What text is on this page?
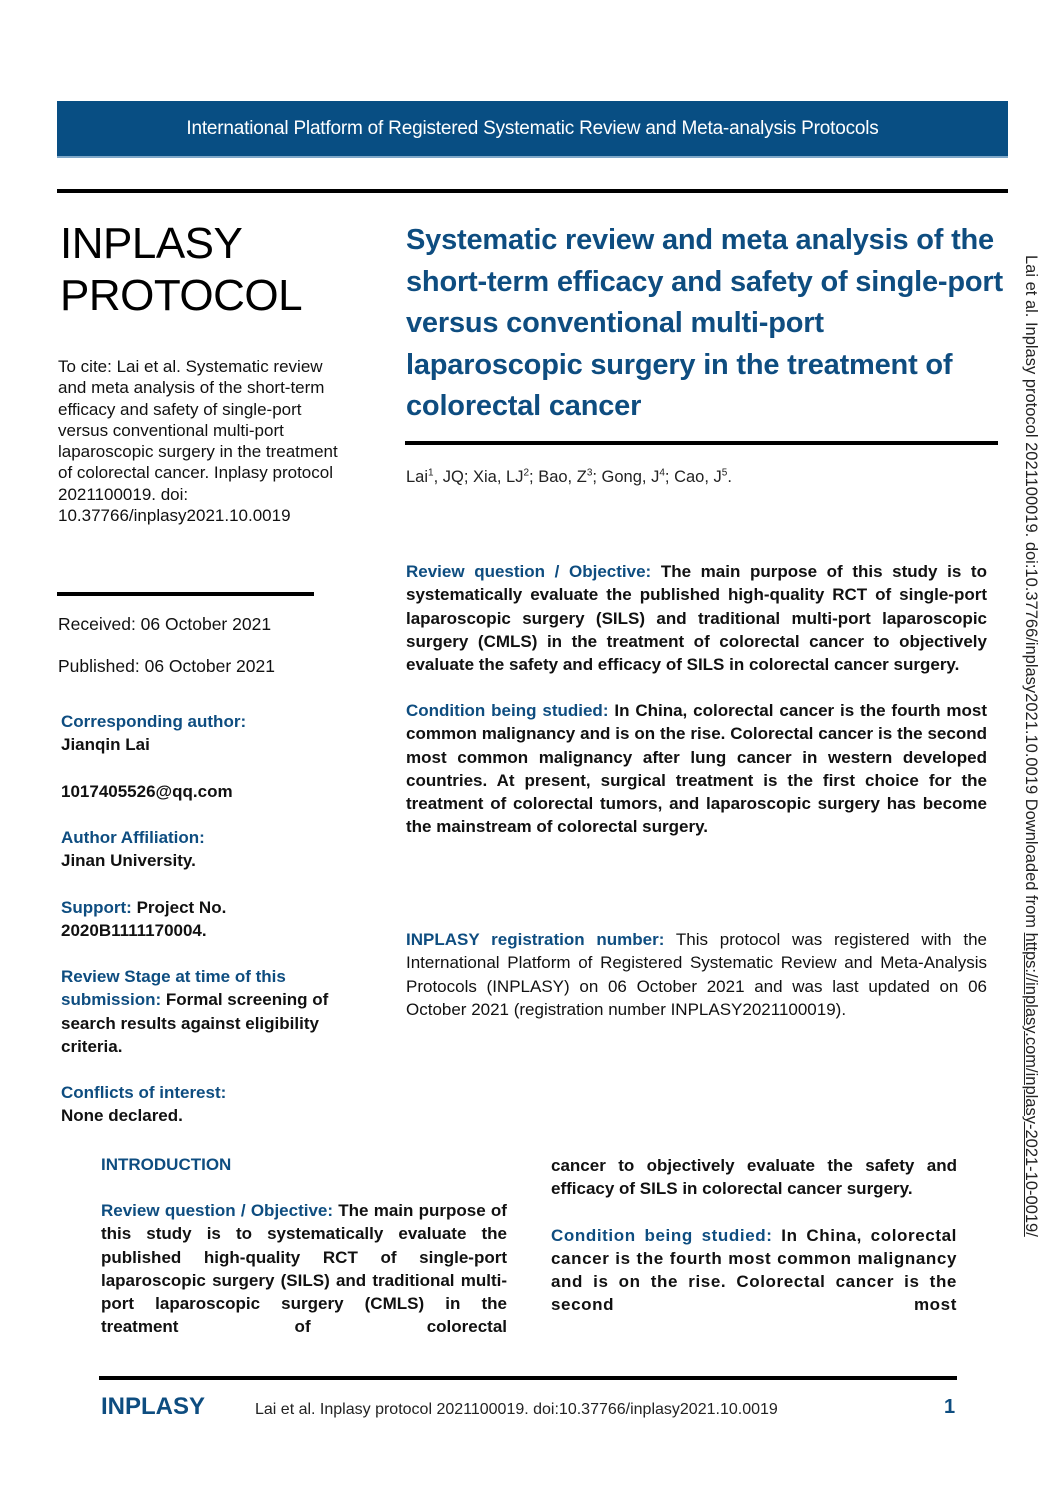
International Platform of Registered Systematic Review and Meta-analysis Protocols
INPLASY
PROTOCOL
To cite: Lai et al. Systematic review and meta analysis of the short-term efficacy and safety of single-port versus conventional multi-port laparoscopic surgery in the treatment of colorectal cancer. Inplasy protocol 2021100019. doi: 10.37766/inplasy2021.10.0019
Received: 06 October 2021
Published: 06 October 2021
Corresponding author:
Jianqin Lai
1017405526@qq.com
Author Affiliation:
Jinan University.
Support: Project No. 2020B1111170004.
Review Stage at time of this submission: Formal screening of search results against eligibility criteria.
Conflicts of interest:
None declared.
Systematic review and meta analysis of the short-term efficacy and safety of single-port versus conventional multi-port laparoscopic surgery in the treatment of colorectal cancer
Lai$^1$, JQ; Xia, $LJ^2$; Bao, $Z^3$; Gong, $J^4$; Cao, $J^5$.
Review question / Objective: The main purpose of this study is to systematically evaluate the published high-quality RCT of single-port laparoscopic surgery (SILS) and traditional multi-port laparoscopic surgery (CMLS) in the treatment of colorectal cancer to objectively evaluate the safety and efficacy of SILS in colorectal cancer surgery.
Condition being studied: In China, colorectal cancer is the fourth most common malignancy and is on the rise. Colorectal cancer is the second most common malignancy after lung cancer in western developed countries. At present, surgical treatment is the first choice for the treatment of colorectal tumors, and laparoscopic surgery has become the mainstream of colorectal surgery.
INPLASY registration number: This protocol was registered with the International Platform of Registered Systematic Review and Meta-Analysis Protocols (INPLASY) on 06 October 2021 and was last updated on 06 October 2021 (registration number INPLASY2021100019).
INTRODUCTION
Review question / Objective: The main purpose of this study is to systematically evaluate the published high-quality RCT of single-port laparoscopic surgery (SILS) and traditional multi-port laparoscopic surgery (CMLS) in the treatment of colorectal
cancer to objectively evaluate the safety and efficacy of SILS in colorectal cancer surgery.
Condition being studied: In China, colorectal cancer is the fourth most common malignancy and is on the rise. Colorectal cancer is the second most
INPLASY	Lai et al. Inplasy protocol 2021100019. doi:10.37766/inplasy2021.10.0019	1
Lai et al. Inplasy protocol 2021100019. doi:10.37766/inplasy2021.10.0019 Downloaded from https://inplasy.com/inplasy-2021-10-0019/
